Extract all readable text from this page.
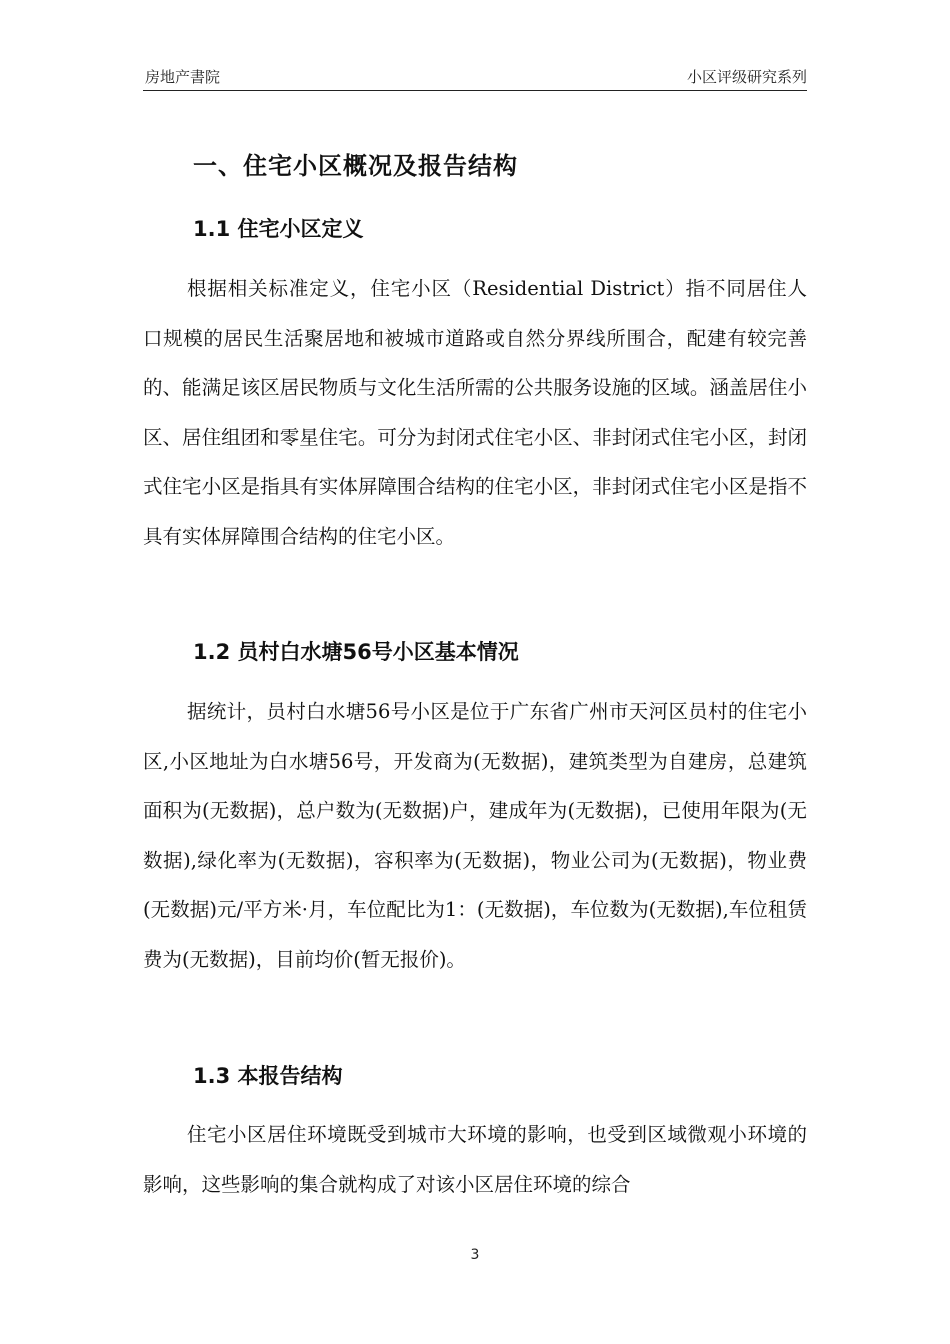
房地产書院	小区评级研究系列
一、住宅小区概况及报告结构
1.1 住宅小区定义
根据相关标准定义，住宅小区（Residential District）指不同居住人口规模的居民生活聚居地和被城市道路或自然分界线所围合，配建有较完善的、能满足该区居民物质与文化生活所需的公共服务设施的区域。涵盖居住小区、居住组团和零星住宅。可分为封闭式住宅小区、非封闭式住宅小区，封闭式住宅小区是指具有实体屏障围合结构的住宅小区，非封闭式住宅小区是指不具有实体屏障围合结构的住宅小区。
1.2 员村白水塘56号小区基本情况
据统计，员村白水塘56号小区是位于广东省广州市天河区员村的住宅小区,小区地址为白水塘56号，开发商为(无数据)，建筑类型为自建房，总建筑面积为(无数据)，总户数为(无数据)户，建成年为(无数据)，已使用年限为(无数据),绿化率为(无数据)，容积率为(无数据)，物业公司为(无数据)，物业费(无数据)元/平方米·月，车位配比为1：(无数据)，车位数为(无数据),车位租赁费为(无数据)，目前均价(暂无报价)。
1.3 本报告结构
住宅小区居住环境既受到城市大环境的影响，也受到区域微观小环境的影响，这些影响的集合就构成了对该小区居住环境的综合
3
